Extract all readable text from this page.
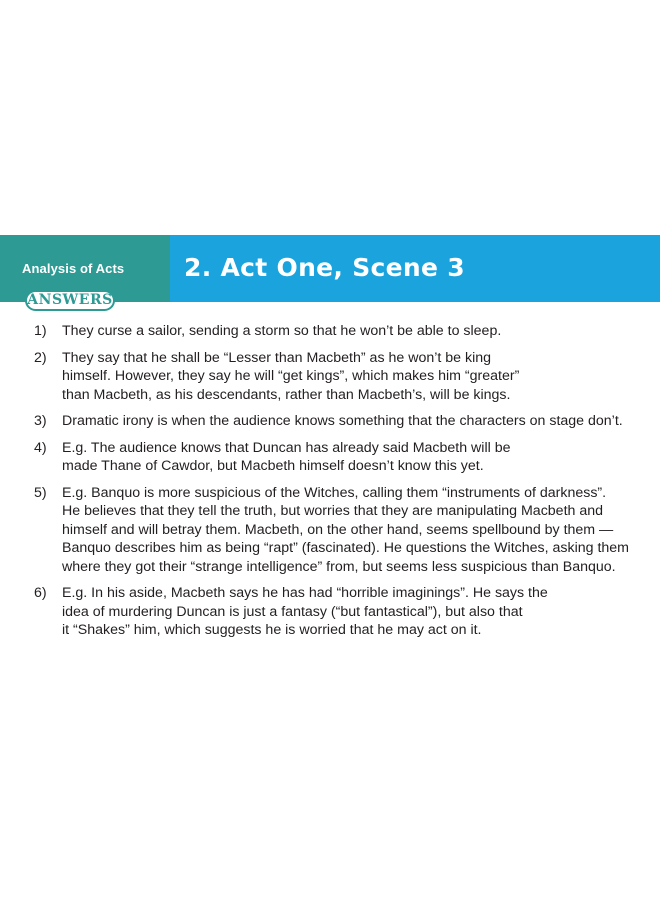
Analysis of Acts 2. Act One, Scene 3
ANSWERS
1) They curse a sailor, sending a storm so that he won’t be able to sleep.
2) They say that he shall be “Lesser than Macbeth” as he won’t be king
himself. However, they say he will “get kings”, which makes him “greater”
than Macbeth, as his descendants, rather than Macbeth’s, will be kings.
3) Dramatic irony is when the audience knows something that the characters on stage don’t.
4) E.g. The audience knows that Duncan has already said Macbeth will be
made Thane of Cawdor, but Macbeth himself doesn’t know this yet.
5) E.g. Banquo is more suspicious of the Witches, calling them “instruments of darkness”.
He believes that they tell the truth, but worries that they are manipulating Macbeth and
himself and will betray them. Macbeth, on the other hand, seems spellbound by them —
Banquo describes him as being “rapt” (fascinated). He questions the Witches, asking them
where they got their “strange intelligence” from, but seems less suspicious than Banquo.
6) E.g. In his aside, Macbeth says he has had “horrible imaginings”. He says the
idea of murdering Duncan is just a fantasy (“but fantastical”), but also that
it “Shakes” him, which suggests he is worried that he may act on it.
